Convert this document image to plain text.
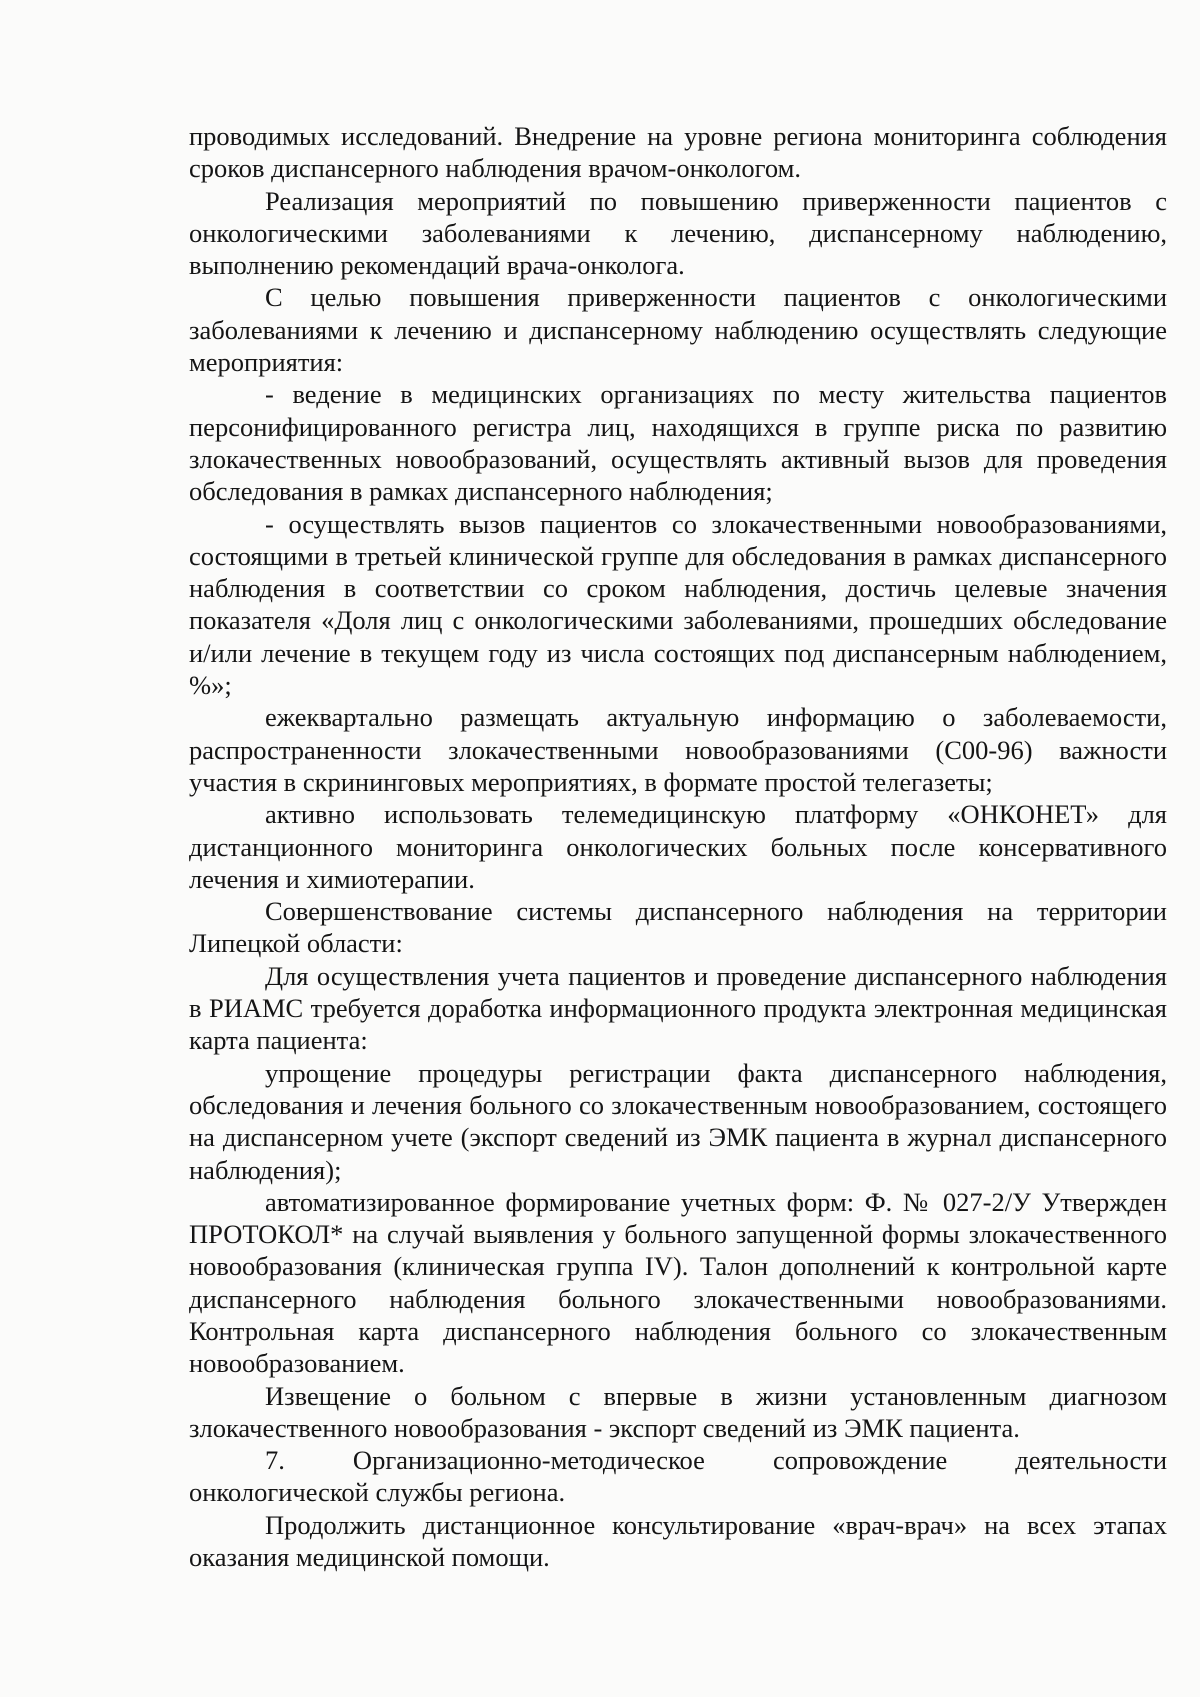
проводимых исследований. Внедрение на уровне региона мониторинга соблюдения сроков диспансерного наблюдения врачом-онкологом.

Реализация мероприятий по повышению приверженности пациентов с онкологическими заболеваниями к лечению, диспансерному наблюдению, выполнению рекомендаций врача-онколога.

С целью повышения приверженности пациентов с онкологическими заболеваниями к лечению и диспансерному наблюдению осуществлять следующие мероприятия:

- ведение в медицинских организациях по месту жительства пациентов персонифицированного регистра лиц, находящихся в группе риска по развитию злокачественных новообразований, осуществлять активный вызов для проведения обследования в рамках диспансерного наблюдения;

- осуществлять вызов пациентов со злокачественными новообразованиями, состоящими в третьей клинической группе для обследования в рамках диспансерного наблюдения в соответствии со сроком наблюдения, достичь целевые значения показателя «Доля лиц с онкологическими заболеваниями, прошедших обследование и/или лечение в текущем году из числа состоящих под диспансерным наблюдением, %»;

ежеквартально размещать актуальную информацию о заболеваемости, распространенности злокачественными новообразованиями (С00-96) важности участия в скрининговых мероприятиях, в формате простой телегазеты;

активно использовать телемедицинскую платформу «ОНКОНЕТ» для дистанционного мониторинга онкологических больных после консервативного лечения и химиотерапии.

Совершенствование системы диспансерного наблюдения на территории Липецкой области:

Для осуществления учета пациентов и проведение диспансерного наблюдения в РИАМС требуется доработка информационного продукта электронная медицинская карта пациента:

упрощение процедуры регистрации факта диспансерного наблюдения, обследования и лечения больного со злокачественным новообразованием, состоящего на диспансерном учете (экспорт сведений из ЭМК пациента в журнал диспансерного наблюдения);

автоматизированное формирование учетных форм: Ф. № 027-2/У Утвержден ПРОТОКОЛ* на случай выявления у больного запущенной формы злокачественного новообразования (клиническая группа IV). Талон дополнений к контрольной карте диспансерного наблюдения больного злокачественными новообразованиями. Контрольная карта диспансерного наблюдения больного со злокачественным новообразованием.

Извещение о больном с впервые в жизни установленным диагнозом злокачественного новообразования - экспорт сведений из ЭМК пациента.

7. Организационно-методическое сопровождение деятельности

онкологической службы региона.

Продолжить дистанционное консультирование «врач-врач» на всех этапах оказания медицинской помощи.
